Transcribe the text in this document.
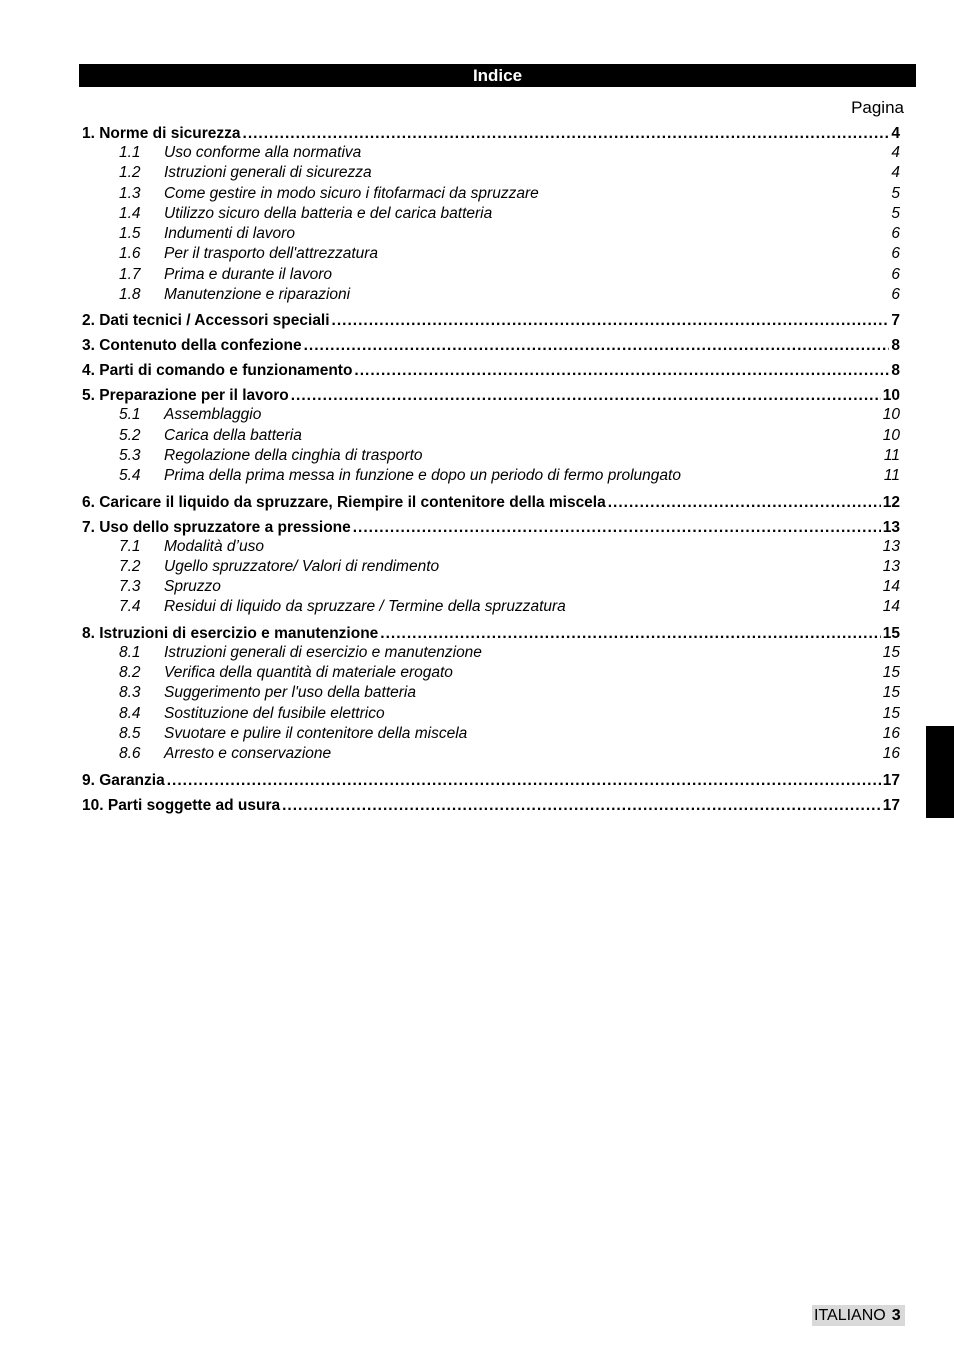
Indice
Pagina
1. Norme di sicurezza .....	4
1.1	Uso conforme alla normativa	4
1.2	Istruzioni generali di sicurezza	4
1.3	Come gestire in modo sicuro i fitofarmaci da spruzzare	5
1.4	Utilizzo sicuro della batteria e del carica batteria	5
1.5	Indumenti di lavoro	6
1.6	Per il trasporto dell'attrezzatura	6
1.7	Prima e durante il lavoro	6
1.8	Manutenzione e riparazioni	6
2. Dati tecnici / Accessori speciali .....	7
3. Contenuto della confezione .....	8
4. Parti di comando e funzionamento .....	8
5. Preparazione per il lavoro .....	10
5.1	Assemblaggio	10
5.2	Carica della batteria	10
5.3	Regolazione della cinghia di trasporto	11
5.4	Prima della prima messa in funzione e dopo un periodo di fermo prolungato	11
6. Caricare il liquido da spruzzare, Riempire il contenitore della miscela .....	12
7. Uso dello spruzzatore a pressione .....	13
7.1	Modalità d’uso	13
7.2	Ugello spruzzatore/ Valori di rendimento	13
7.3	Spruzzo	14
7.4	Residui di liquido da spruzzare / Termine della spruzzatura	14
8. Istruzioni di esercizio e manutenzione .....	15
8.1	Istruzioni generali di esercizio e manutenzione	15
8.2	Verifica della quantità di materiale erogato	15
8.3	Suggerimento per l'uso della batteria	15
8.4	Sostituzione del fusibile elettrico	15
8.5	Svuotare e pulire il contenitore della miscela	16
8.6	Arresto e conservazione	16
9. Garanzia .....	17
10. Parti soggette ad usura .....	17
ITALIANO 3
